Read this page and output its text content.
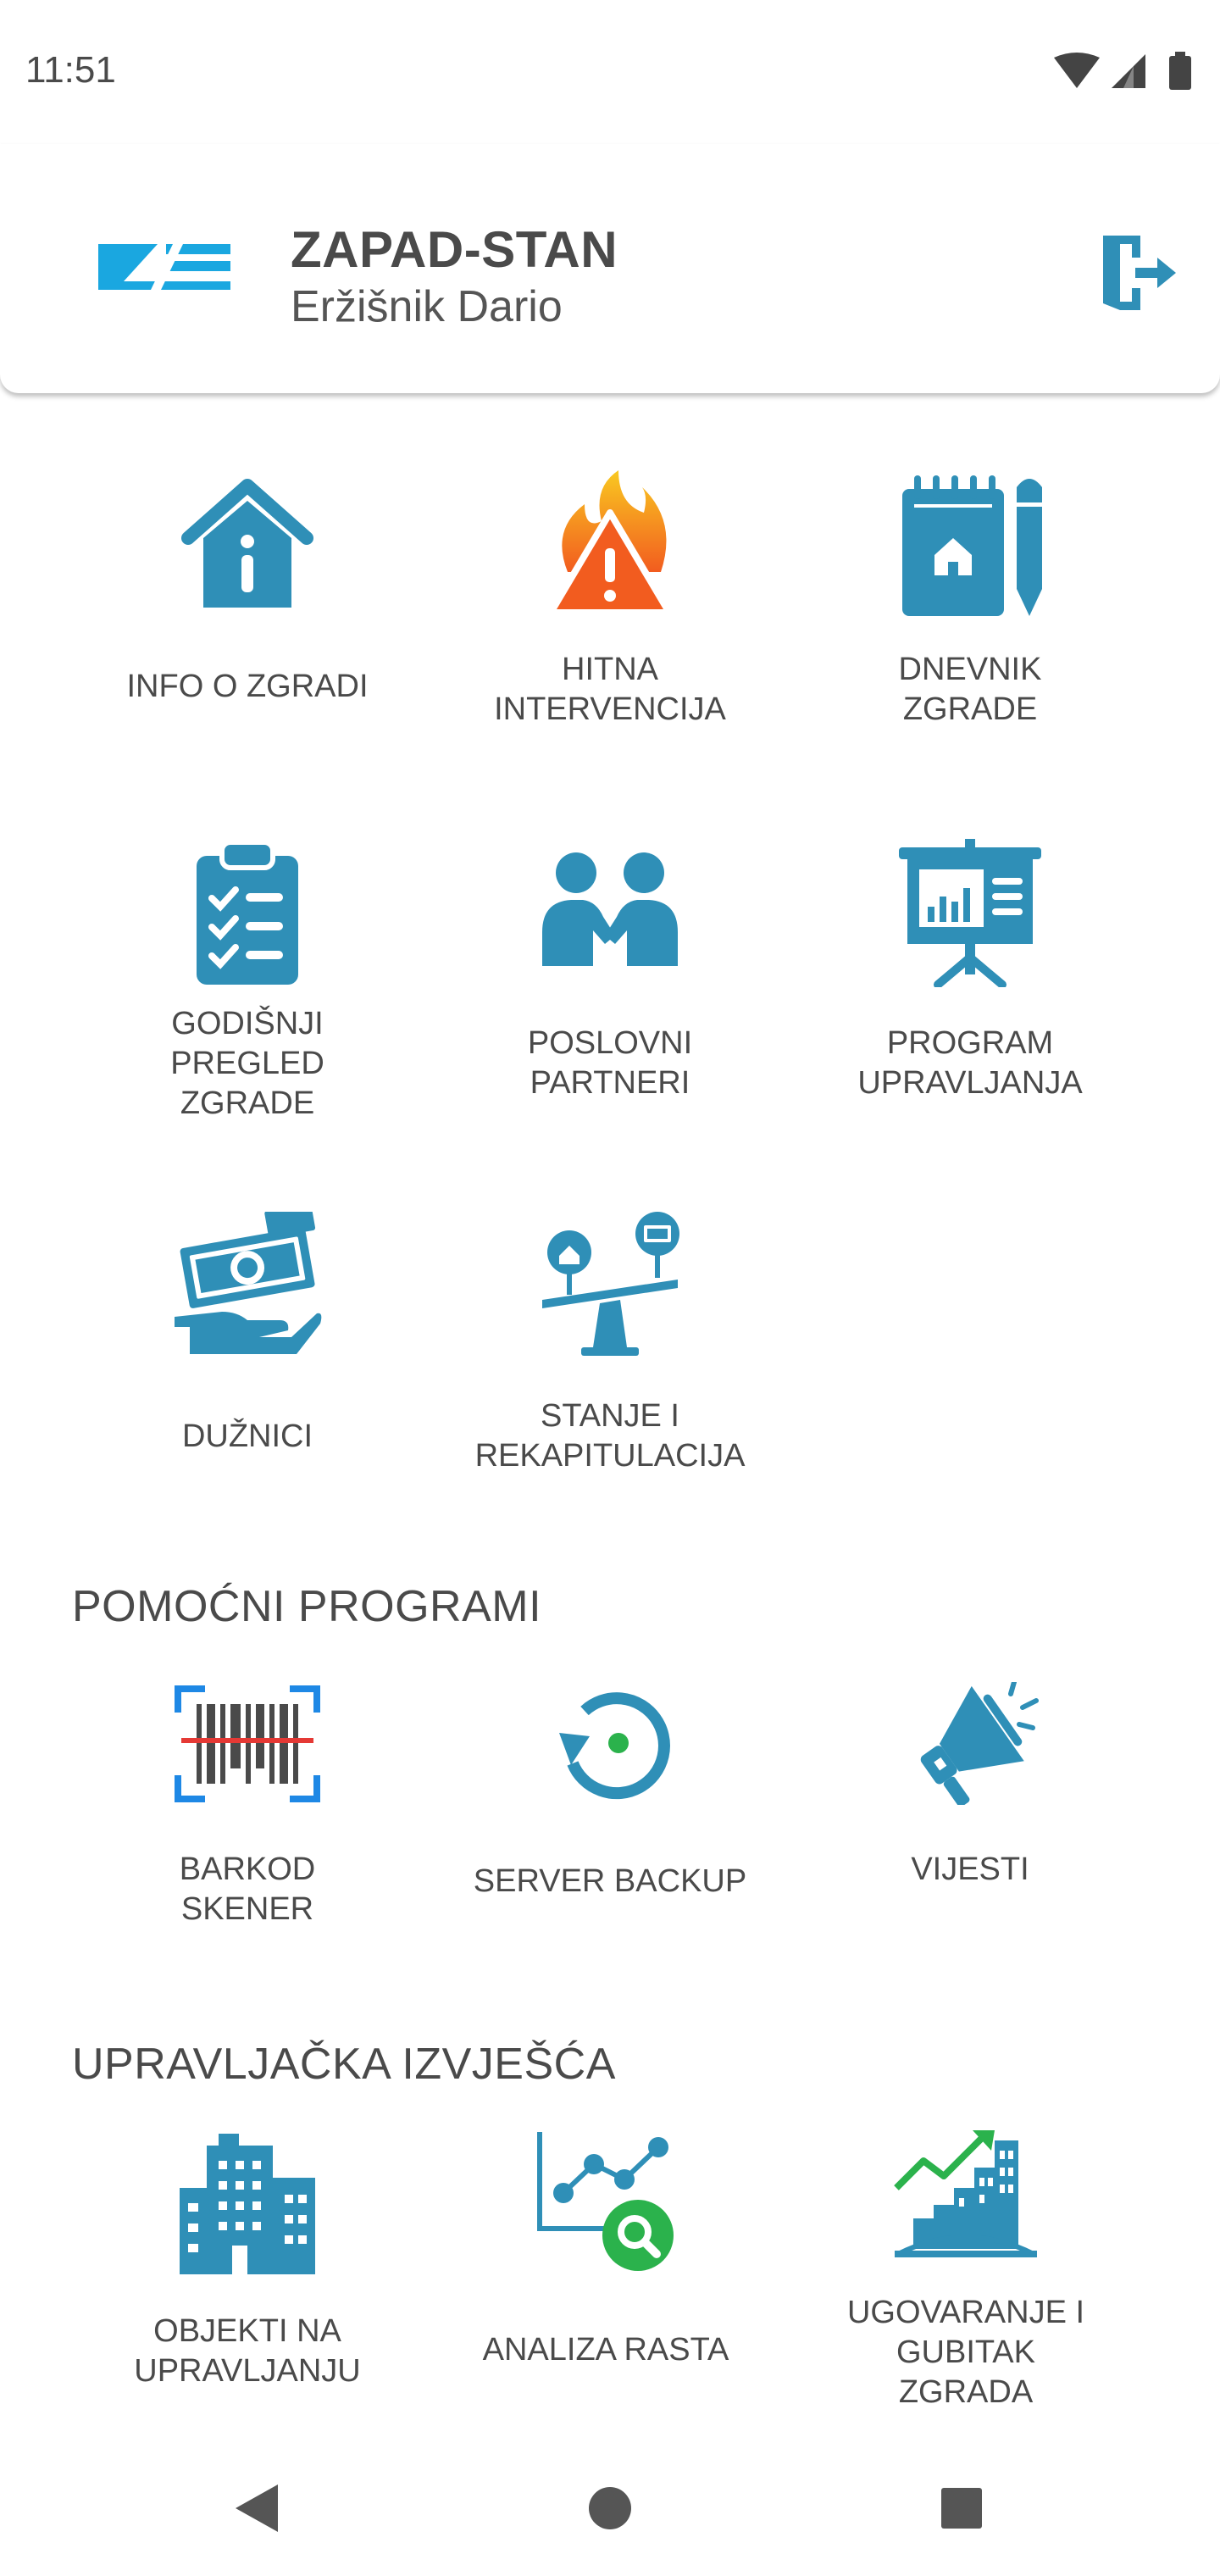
11:51
ZAPAD-STAN
Eržišnik Dario
INFO O ZGRADI	HITNA
INTERVENCIJA
DNEVNIK
ZGRADE
GODIŠNJI
PREGLED
ZGRADE
POSLOVNI
PARTNERI
PROGRAM
UPRAVLJANJA
DUŽNICI
STANJE I
REKAPITULACIJA
POMOĆNI PROGRAMI
BARKOD
SKENER
SERVER BACKUP	VIJESTI
UPRAVLJAČKA IZVJEŠĆA
OBJEKTI NA
UPRAVLJANJU
ANALIZA RASTA
UGOVARANJE I
GUBITAK
ZGRADA
